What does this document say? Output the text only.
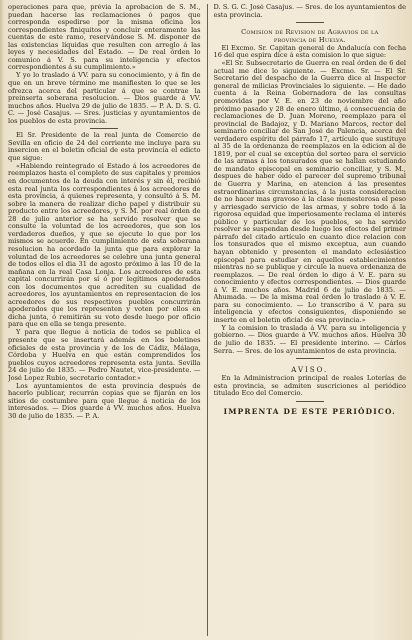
operaciones para que, prévia la aprobacion de S. M., puedan hacerse las reclamaciones ó pagos que corresponda espedirse por la misma oficina los correspondientes finiquitos y concluir enteramente las cuentas de este ramo, reservándose S. M. disponer de las existencias líquidas que resulten con arreglo á las leyes y necesidades del Estado. — De real órden lo comunico á V. S. para su inteligencia y efectos correspondientes á su cumplimiento.»

Y yo lo traslado á VV. para su conocimiento, y á fin de que en un breve término me manifiesten lo que se les ofrezca acerca del particular á que se contrae la preinserta soberana resolucion. — Dios guarde á VV. muchos años. Huelva 29 de julio de 1835. — P. A. D. S. G. C. — José Casajus. — Sres. justicias y ayuntamientos de los pueblos de esta provincia.

El Sr. Presidente de la real junta de Comercio de Sevilla en oficio de 24 del corriente me incluye para su insercion en el boletin oficial de esta provincia el edicto que sigue:

«Habiendo reintegrado el Estado á los acreedores de reemplazos hasta el completo de sus capitales y premios en documentos de la deuda con interés y sin él, recibió esta real junta los correspondientes á los acreedores de esta provincia, á quienes representa, y consultó á S. M. sobre la manera de realizar dicho papel y distribuir su producto entre los acreedores, y S. M. por real órden de 28 de julio anterior se ha servido resolver que se consulte la voluntad de los acreedores, que son los verdaderos dueños, y que se ejecute lo que por los mismos se acuerde. En cumplimiento de esta soberana resolucion ha acordado la junta que para explorar la voluntad de los acreedores se celebre una junta general de todos ellos el dia 31 de agosto próximo á las 10 de la mañana en la real Casa Lonja. Los acreedores de esta capital concurrirán por sí ó por legítimos apoderados con los documentos que acrediten su cualidad de acreedores, los ayuntamientos en representacion de los acreedores de sus respectivos pueblos concurrirán apoderados que los representen y voten por ellos en dicha junta, ó remitirán su voto desde luego por oficio para que en ella se tenga presente.

Y para que llegue á noticia de todos se publica el presente que se insertará además en los boletines oficiales de esta provincia y de los de Cádiz, Málaga, Córdoba y Huelva en que están comprendidos los pueblos cuyos acreedores representa esta junta. Sevilla 24 de julio de 1835. — Pedro Nautet, vice-presidente. — José Lopez Rubio, secretario contador.»

Los ayuntamientos de esta provincia después de hacerlo publicar, recurrán copias que se fijarán en los sitios de costumbre para que llegue á noticia de los interesados. — Dios guarde á VV. muchos años. Huelva 30 de julio de 1835. — P. A.

D. S. G. C. José Casajus. — Sres. de los ayuntamientos de esta provincia.

Comision de Revision de Agravios de la
provincia de Huelva.

El Excmo. Sr. Capitan general de Andalucía con fecha 16 del que espira dice á esta comision lo que sigue:

«El Sr. Subsecretario de Guerra en real órden de 6 del actual me dice lo siguiente. — Excmo. Sr. — El Sr. Secretario del despacho de la Guerra dice al Inspector general de milicias Provinciales lo siguiente. — He dado cuenta á la Reina Gobernadora de las consultas promovidas por V. E. en 23 de noviembre del año próximo pasado y 28 de enero último, á consecuencia de reclamaciones de D. Juan Moreno, reemplazo para el provincial de Badajoz, y D. Mariano Marcos, rector del seminario conciliar de San José de Palencia, acerca del verdadero espíritu del párrafo 17, artículo que sustituye al 35 de la ordenanza de reemplazos en la edicion al de 1819, por el cual se exceptúa del sorteo para el servicio de las armas á los tonsurados que se hallan estudiando de mandato episcopal en seminario conciliar, y S. M., despues de haber oido el parecer del supremo tribunal de Guerra y Marina, en atencion á las presentes estraordinarias circunstancias, á la justa consideracion de no hacer mas gravoso á la clase menesterosa el peso y arriesgado servicio de las armas, y sobre todo á la rigorosa equidad que imperiosamente reclama el interés público y particular de los pueblos, se ha servido resolver se suspendan desde luego los efectos del primer párrafo del citado artículo en cuanto dice relacion con los tonsurados que el mismo exceptua, aun cuando hayan obtenido y presenten el mandato eclesiástico episcopal para estudiar en aquellos establecimientos mientras no se publique y circule la nueva ordenanza de reemplazos. — De real órden lo digo á V. E. para su conocimiento y efectos correspondientes. — Dios guarde á V. E. muchos años. Madrid 6 de julio de 1835. — Ahumada. — De la misma real órden lo traslado á V. E. para su conocimiento. — Lo transcribo á V. para su inteligencia y efectos consiguientes, disponiendo se inserte en el boletin oficial de esa provincia.»

Y la comision lo traslada á VV. para su inteligencia y gobierno. — Dios guarde á VV. muchos años. Huelva 30 de julio de 1835. — El presidente interino. — Cárlos Serra. — Sres. de los ayuntamientos de esta provincia.

AVISO.

En la Administracion principal de reales Loterías de esta provincia, se admiten suscriciones al periódico titulado Eco del Comercio.

IMPRENTA DE ESTE PERIÓDICO.
